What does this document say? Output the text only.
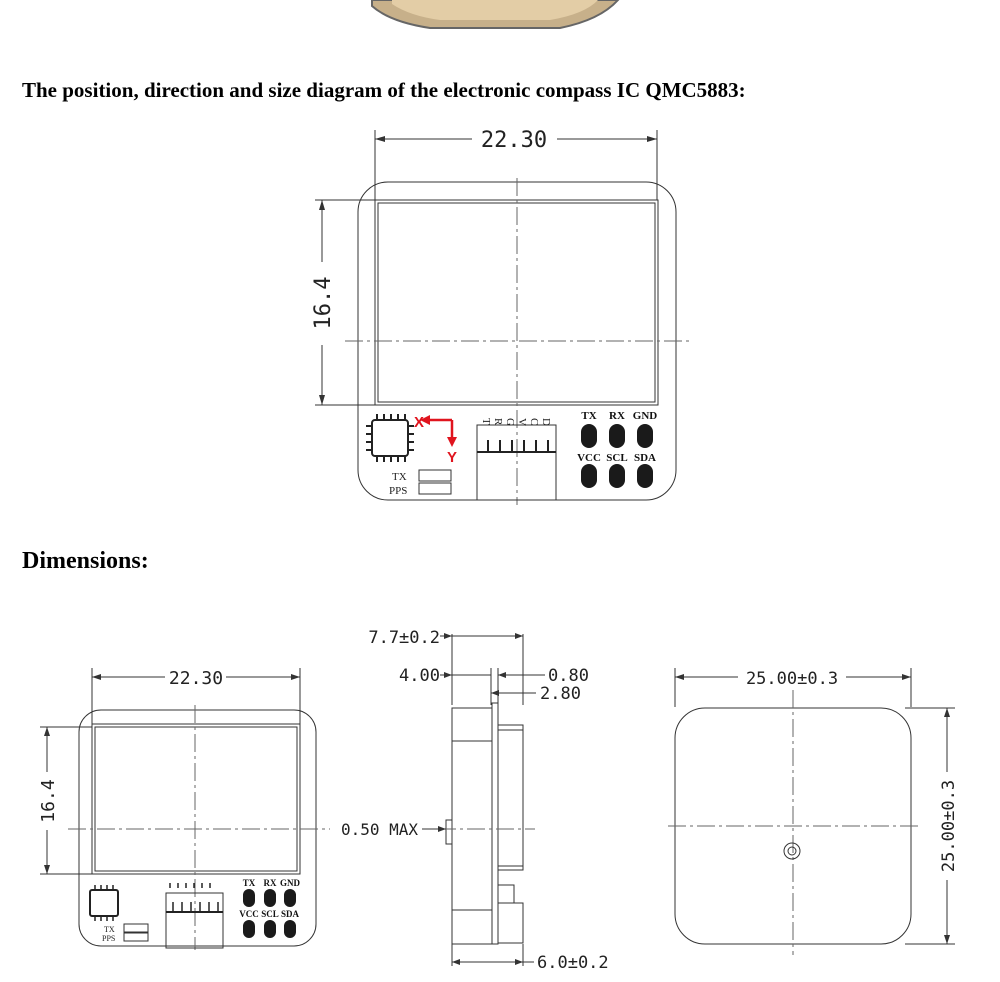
The position, direction and size diagram of the electronic compass IC QMC5883:
Dimensions:
22.30
16.4
X
Y
TX
PPS
T R G V C D	TX RX GND
VCC SCL SDA
22.30
16.4
TX
PPS
TX RX GND
VCC SCL SDA
7.7±0.2
4.00	0.80
2.80
0.50 MAX
6.0±0.2
25.00±0.3
25.00±0.3
